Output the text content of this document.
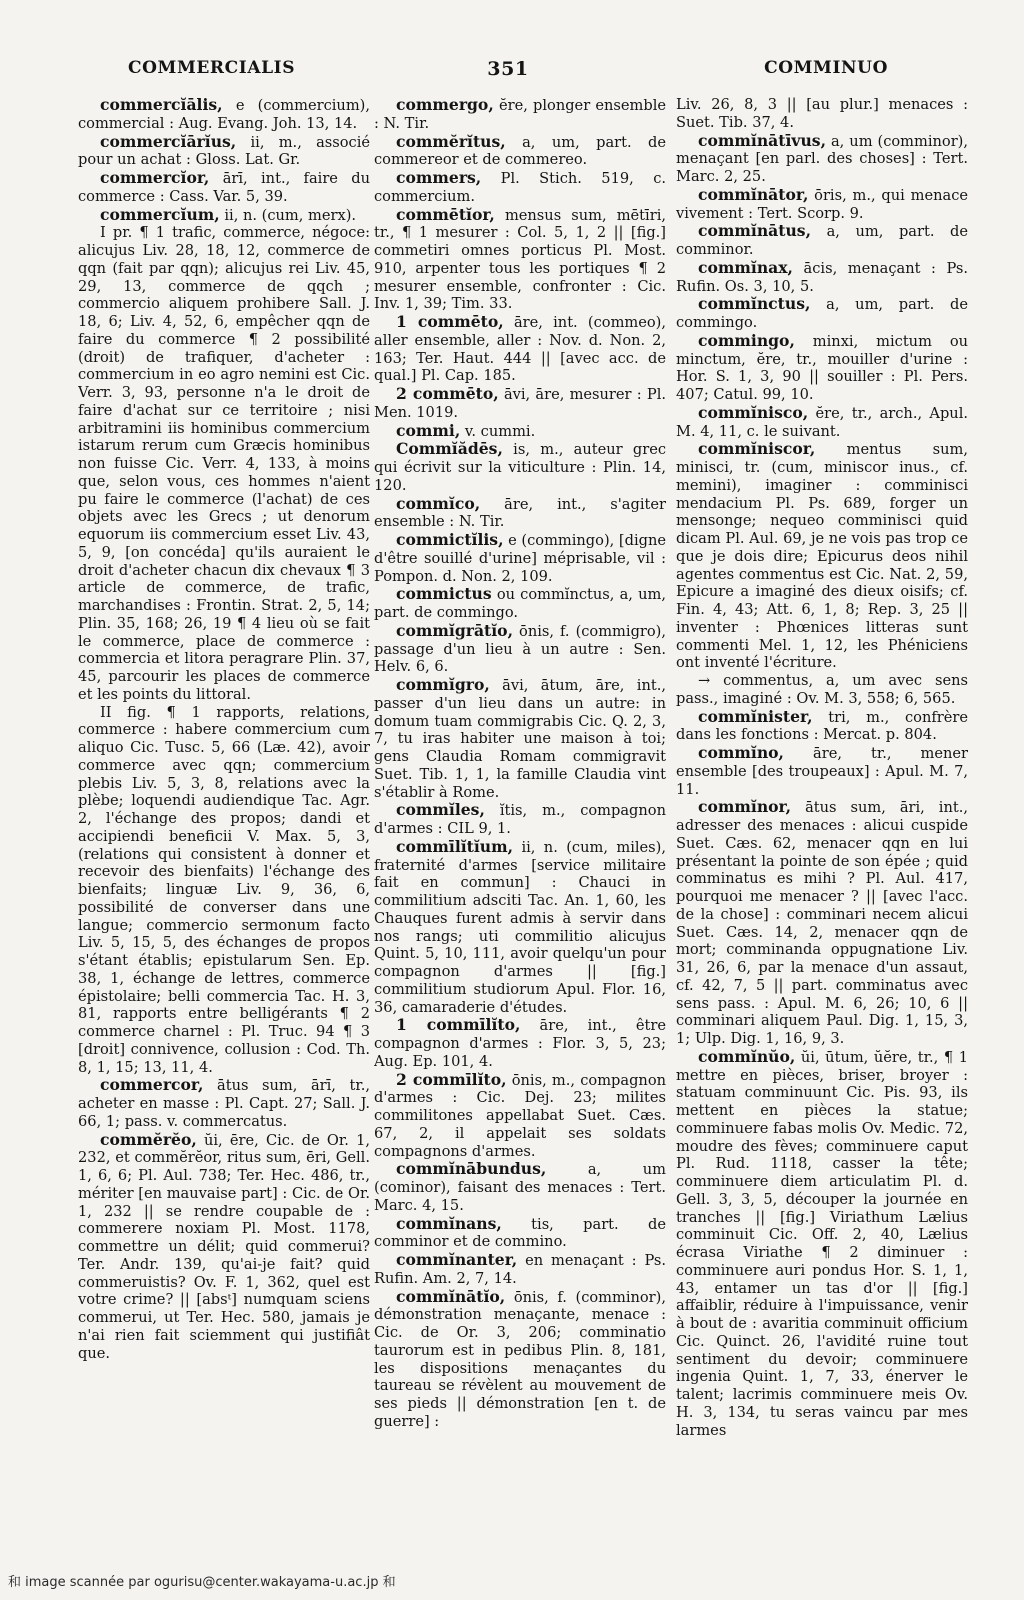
COMMERCIALIS	351	COMMINUO

commercĭālis, e (commercium), commercial : Aug. Evang. Joh. 13, 14.

commercĭārĭus, ii, m., associé pour un achat : Gloss. Lat. Gr.

commercĭor, ārī, int., faire du commerce : Cass. Var. 5, 39.

commercĭum, ii, n. (cum, merx).

I pr. ¶ 1 trafic, commerce, négoce: alicujus Liv. 28, 18, 12, commerce de qqn (fait par qqn); alicujus rei Liv. 45, 29, 13, commerce de qqch ; commercio aliquem prohibere Sall. J. 18, 6; Liv. 4, 52, 6, empêcher qqn de faire du commerce ¶ 2 possibilité (droit) de trafiquer, d'acheter : commercium in eo agro nemini est Cic. Verr. 3, 93, personne n'a le droit de faire d'achat sur ce territoire ; nisi arbitramini iis hominibus commercium istarum rerum cum Græcis hominibus non fuisse Cic. Verr. 4, 133, à moins que, selon vous, ces hommes n'aient pu faire le commerce (l'achat) de ces objets avec les Grecs ; ut denorum equorum iis commercium esset Liv. 43, 5, 9, [on concéda] qu'ils auraient le droit d'acheter chacun dix chevaux ¶ 3 article de commerce, de trafic, marchandises : Frontin. Strat. 2, 5, 14; Plin. 35, 168; 26, 19 ¶ 4 lieu où se fait le commerce, place de commerce : commercia et litora peragrare Plin. 37, 45, parcourir les places de commerce et les points du littoral.

II fig. ¶ 1 rapports, relations, commerce : habere commercium cum aliquo Cic. Tusc. 5, 66 (Læ. 42), avoir commerce avec qqn; commercium plebis Liv. 5, 3, 8, relations avec la plèbe; loquendi audiendique Tac. Agr. 2, l'échange des propos; dandi et accipiendi beneficii V. Max. 5, 3, (relations qui consistent à donner et recevoir des bienfaits) l'échange des bienfaits; linguæ Liv. 9, 36, 6, possibilité de converser dans une langue; commercio sermonum facto Liv. 5, 15, 5, des échanges de propos s'étant établis; epistularum Sen. Ep. 38, 1, échange de lettres, commerce épistolaire; belli commercia Tac. H. 3, 81, rapports entre belligérants ¶ 2 commerce charnel : Pl. Truc. 94 ¶ 3 [droit] connivence, collusion : Cod. Th. 8, 1, 15; 13, 11, 4.

commercor, ātus sum, ārī, tr., acheter en masse : Pl. Capt. 27; Sall. J. 66, 1; pass. v. commercatus.

commĕrĕo, ŭi, ēre, Cic. de Or. 1, 232, et commĕrĕor, ritus sum, ēri, Gell. 1, 6, 6; Pl. Aul. 738; Ter. Hec. 486, tr., mériter [en mauvaise part] : Cic. de Or. 1, 232 || se rendre coupable de : commerere noxiam Pl. Most. 1178, commettre un délit; quid commerui? Ter. Andr. 139, qu'ai-je fait? quid commeruistis? Ov. F. 1, 362, quel est votre crime? || [absᵗ] numquam sciens commerui, ut Ter. Hec. 580, jamais je n'ai rien fait sciemment qui justifiât que.

commergo, ĕre, plonger ensemble : N. Tir.

commĕrĭtus, a, um, part. de commereor et de commereo.

commers, Pl. Stich. 519, c. commercium.

commētĭor, mensus sum, mētīri, tr., ¶ 1 mesurer : Col. 5, 1, 2 || [fig.] commetiri omnes porticus Pl. Most. 910, arpenter tous les portiques ¶ 2 mesurer ensemble, confronter : Cic. Inv. 1, 39; Tim. 33.

1 commēto, āre, int. (commeo), aller ensemble, aller : Nov. d. Non. 2, 163; Ter. Haut. 444 || [avec acc. de qual.] Pl. Cap. 185.

2 commēto, āvi, āre, mesurer : Pl. Men. 1019.

commi, v. cummi.

Commĭădēs, is, m., auteur grec qui écrivit sur la viticulture : Plin. 14, 120.

commĭco, āre, int., s'agiter ensemble : N. Tir.

commictĭlis, e (commingo), [digne d'être souillé d'urine] méprisable, vil : Pompon. d. Non. 2, 109.

commictus ou commĭnctus, a, um, part. de commingo.

commĭgrātĭo, ōnis, f. (commigro), passage d'un lieu à un autre : Sen. Helv. 6, 6.

commĭgro, āvi, ātum, āre, int., passer d'un lieu dans un autre: in domum tuam commigrabis Cic. Q. 2, 3, 7, tu iras habiter une maison à toi; gens Claudia Romam commigravit Suet. Tib. 1, 1, la famille Claudia vint s'établir à Rome.

commĭles, ĭtis, m., compagnon d'armes : CIL 9, 1.

commīlĭtĭum, ii, n. (cum, miles), fraternité d'armes [service militaire fait en commun] : Chauci in commilitium adsciti Tac. An. 1, 60, les Chauques furent admis à servir dans nos rangs; uti commilitio alicujus Quint. 5, 10, 111, avoir quelqu'un pour compagnon d'armes || [fig.] commilitium studiorum Apul. Flor. 16, 36, camaraderie d'études.

1 commīlĭto, āre, int., être compagnon d'armes : Flor. 3, 5, 23; Aug. Ep. 101, 4.

2 commīlĭto, ōnis, m., compagnon d'armes : Cic. Dej. 23; milites commilitones appellabat Suet. Cæs. 67, 2, il appelait ses soldats compagnons d'armes.

commĭnābundus,	a, um (cominor), faisant des menaces : Tert. Marc. 4, 15.

commĭnans, tis, part. de comminor et de commino.

commĭnanter, en menaçant : Ps. Rufin. Am. 2, 7, 14.

commĭnātĭo, ōnis, f. (comminor), démonstration menaçante, menace : Cic. de Or. 3, 206; comminatio taurorum est in pedibus Plin. 8, 181, les dispositions menaçantes du taureau se révèlent au mouvement de ses pieds || démonstration [en t. de guerre] :

Liv. 26, 8, 3 || [au plur.] menaces : Suet. Tib. 37, 4.

commĭnātīvus, a, um (comminor), menaçant [en parl. des choses] : Tert. Marc. 2, 25.

commĭnātor, ōris, m., qui menace vivement : Tert. Scorp. 9.

commĭnātus, a, um, part. de comminor.

commĭnax, ācis, menaçant : Ps. Rufin. Os. 3, 10, 5.

commĭnctus, a, um, part. de commingo.

commingo, minxi, mictum ou minctum, ĕre, tr., mouiller d'urine : Hor. S. 1, 3, 90 || souiller : Pl. Pers. 407; Catul. 99, 10.

commĭnisco, ĕre, tr., arch., Apul. M. 4, 11, c. le suivant.

commĭniscor, mentus sum, minisci, tr. (cum, miniscor inus., cf. memini), imaginer : comminisci mendacium Pl. Ps. 689, forger un mensonge; nequeo comminisci quid dicam Pl. Aul. 69, je ne vois pas trop ce que je dois dire; Epicurus deos nihil agentes commentus est Cic. Nat. 2, 59, Epicure a imaginé des dieux oisifs; cf. Fin. 4, 43; Att. 6, 1, 8; Rep. 3, 25 || inventer : Phœnices litteras sunt commenti Mel. 1, 12, les Phéniciens ont inventé l'écriture.

→ commentus, a, um avec sens pass., imaginé : Ov. M. 3, 558; 6, 565.

commĭnister, tri, m., confrère dans les fonctions : Mercat. p. 804.

commĭno, āre, tr., mener ensemble [des troupeaux] : Apul. M. 7, 11.

commĭnor, ātus sum, āri, int., adresser des menaces : alicui cuspide Suet. Cæs. 62, menacer qqn en lui présentant la pointe de son épée ; quid comminatus es mihi ? Pl. Aul. 417, pourquoi me menacer ? || [avec l'acc. de la chose] : comminari necem alicui Suet. Cæs. 14, 2, menacer qqn de mort; comminanda oppugnatione Liv. 31, 26, 6, par la menace d'un assaut, cf. 42, 7, 5 || part. comminatus avec sens pass. : Apul. M. 6, 26; 10, 6 || comminari aliquem Paul. Dig. 1, 15, 3, 1; Ulp. Dig. 1, 16, 9, 3.

commĭnŭo, ŭi, ūtum, ŭĕre, tr., ¶ 1 mettre en pièces, briser, broyer : statuam comminuunt Cic. Pis. 93, ils mettent en pièces la statue; comminuere fabas molis Ov. Medic. 72, moudre des fèves; comminuere caput Pl. Rud. 1118, casser la tête; comminuere diem articulatim Pl. d. Gell. 3, 3, 5, découper la journée en tranches || [fig.] Viriathum Lælius comminuit Cic. Off. 2, 40, Lælius écrasa Viriathe ¶ 2 diminuer : comminuere auri pondus Hor. S. 1, 1, 43, entamer un tas d'or || [fig.] affaiblir, réduire à l'impuissance, venir à bout de : avaritia comminuit officium Cic. Quinct. 26, l'avidité ruine tout sentiment du devoir; comminuere ingenia Quint. 1, 7, 33, énerver le talent; lacrimis comminuere meis Ov. H. 3, 134, tu seras vaincu par mes larmes

和 image scannée par ogurisu@center.wakayama-u.ac.jp 和
